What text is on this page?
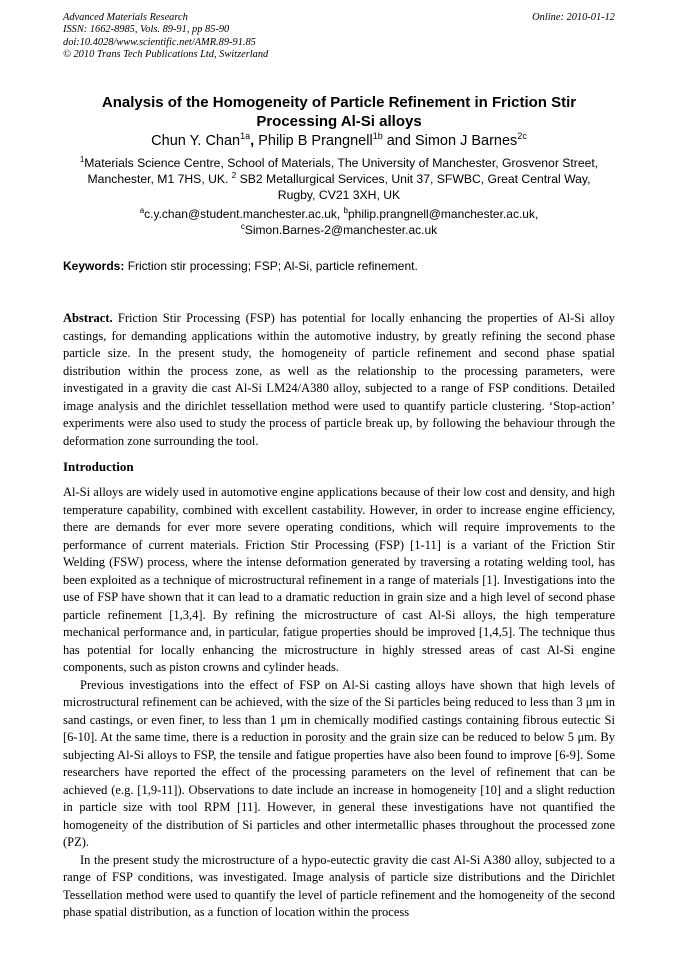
Advanced Materials Research
ISSN: 1662-8985, Vols. 89-91, pp 85-90
doi:10.4028/www.scientific.net/AMR.89-91.85
© 2010 Trans Tech Publications Ltd, Switzerland
Online: 2010-01-12
Analysis of the Homogeneity of Particle Refinement in Friction Stir
Processing Al-Si alloys
Chun Y. Chan$^{1a}$, Philip B Prangnell$^{1b}$ and Simon J Barnes$^{2c}$
$^1$Materials Science Centre, School of Materials, The University of Manchester, Grosvenor Street,
Manchester, M1 7HS, UK. $^2$ SB2 Metallurgical Services, Unit 37, SFWBC, Great Central Way,
Rugby, CV21 3XH, UK
$^a$c.y.chan@student.manchester.ac.uk, $^b$philip.prangnell@manchester.ac.uk,
$^c$Simon.Barnes-2@manchester.ac.uk
Keywords: Friction stir processing; FSP; Al-Si, particle refinement.
Abstract. Friction Stir Processing (FSP) has potential for locally enhancing the properties of Al-Si alloy castings, for demanding applications within the automotive industry, by greatly refining the second phase particle size. In the present study, the homogeneity of particle refinement and second phase spatial distribution within the process zone, as well as the relationship to the processing parameters, were investigated in a gravity die cast Al-Si LM24/A380 alloy, subjected to a range of FSP conditions. Detailed image analysis and the dirichlet tessellation method were used to quantify particle clustering. ‘Stop-action’ experiments were also used to study the process of particle break up, by following the behaviour through the deformation zone surrounding the tool.
Introduction

Al-Si alloys are widely used in automotive engine applications because of their low cost and density, and high temperature capability, combined with excellent castability. However, in order to increase engine efficiency, there are demands for ever more severe operating conditions, which will require improvements to the performance of current materials. Friction Stir Processing (FSP) [1-11] is a variant of the Friction Stir Welding (FSW) process, where the intense deformation generated by traversing a rotating welding tool, has been exploited as a technique of microstructural refinement in a range of materials [1]. Investigations into the use of FSP have shown that it can lead to a dramatic reduction in grain size and a high level of second phase particle refinement [1,3,4]. By refining the microstructure of cast Al-Si alloys, the high temperature mechanical performance and, in particular, fatigue properties should be improved [1,4,5]. The technique thus has potential for locally enhancing the microstructure in highly stressed areas of cast Al-Si engine components, such as piston crowns and cylinder heads.

Previous investigations into the effect of FSP on Al-Si casting alloys have shown that high levels of microstructural refinement can be achieved, with the size of the Si particles being reduced to less than 3 μm in sand castings, or even finer, to less than 1 μm in chemically modified castings containing fibrous eutectic Si [6-10]. At the same time, there is a reduction in porosity and the grain size can be reduced to below 5 μm. By subjecting Al-Si alloys to FSP, the tensile and fatigue properties have also been found to improve [6-9]. Some researchers have reported the effect of the processing parameters on the level of refinement that can be achieved (e.g. [1,9-11]). Observations to date include an increase in homogeneity [10] and a slight reduction in particle size with tool RPM [11]. However, in general these investigations have not quantified the homogeneity of the distribution of Si particles and other intermetallic phases throughout the processed zone (PZ).

In the present study the microstructure of a hypo-eutectic gravity die cast Al-Si A380 alloy, subjected to a range of FSP conditions, was investigated. Image analysis of particle size distributions and the Dirichlet Tessellation method were used to quantify the level of particle refinement and the homogeneity of the second phase spatial distribution, as a function of location within the process
